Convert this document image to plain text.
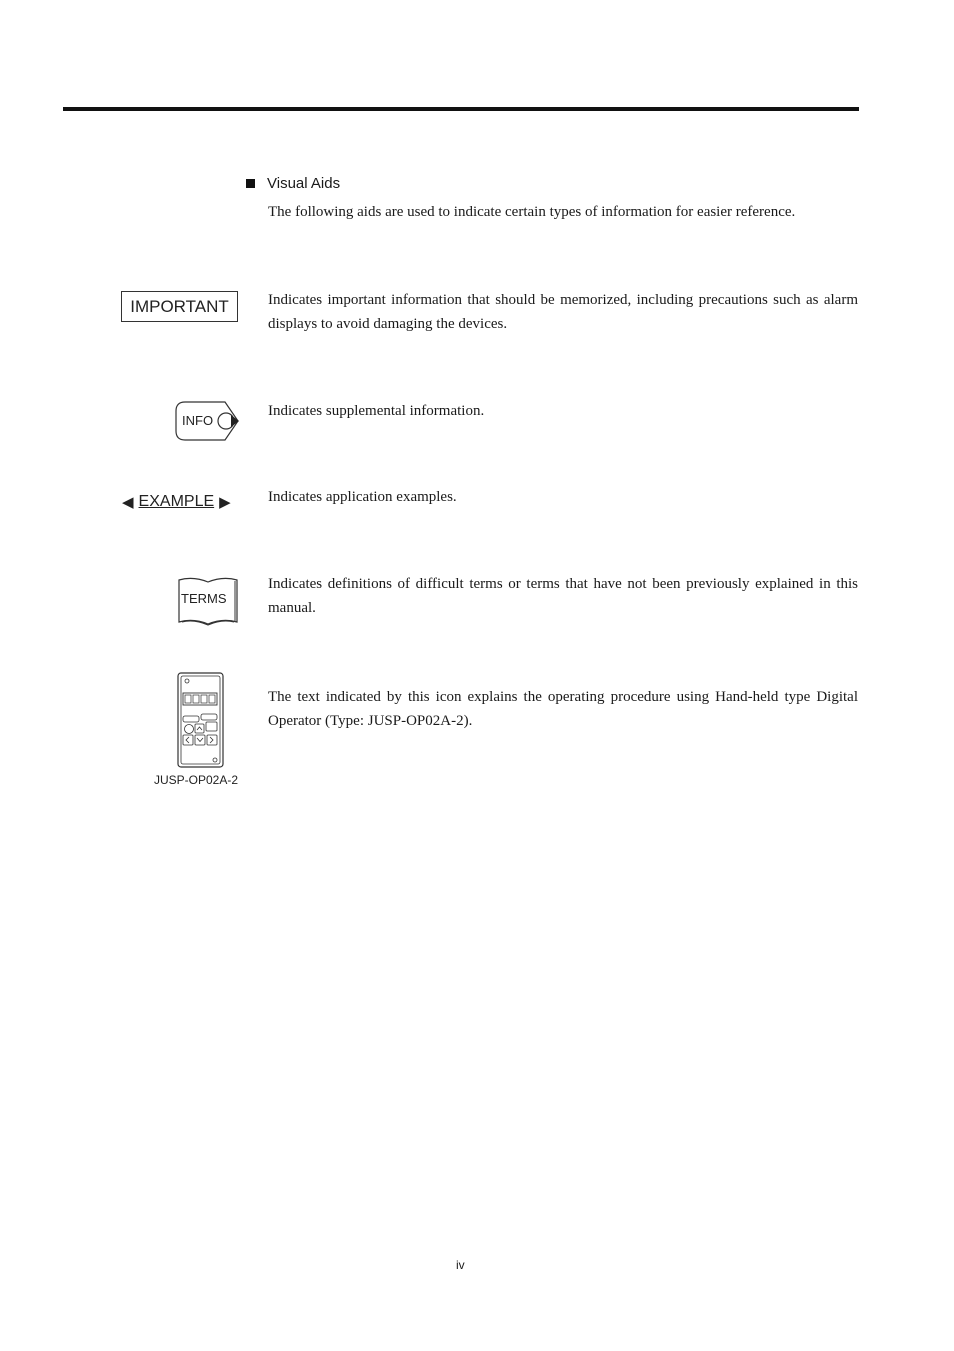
Visual Aids
The following aids are used to indicate certain types of information for easier reference.
IMPORTANT	Indicates important information that should be memorized, including precautions such as alarm displays to avoid damaging the devices.
INFO
Indicates supplemental information.
◀ EXAMPLE ▶ Indicates application examples.
TERMS
Indicates definitions of difficult terms or terms that have not been previously explained in this manual.
JUSP-OP02A-2
The text indicated by this icon explains the operating procedure using Hand-held type Digital Operator (Type: JUSP-OP02A-2).
iv
